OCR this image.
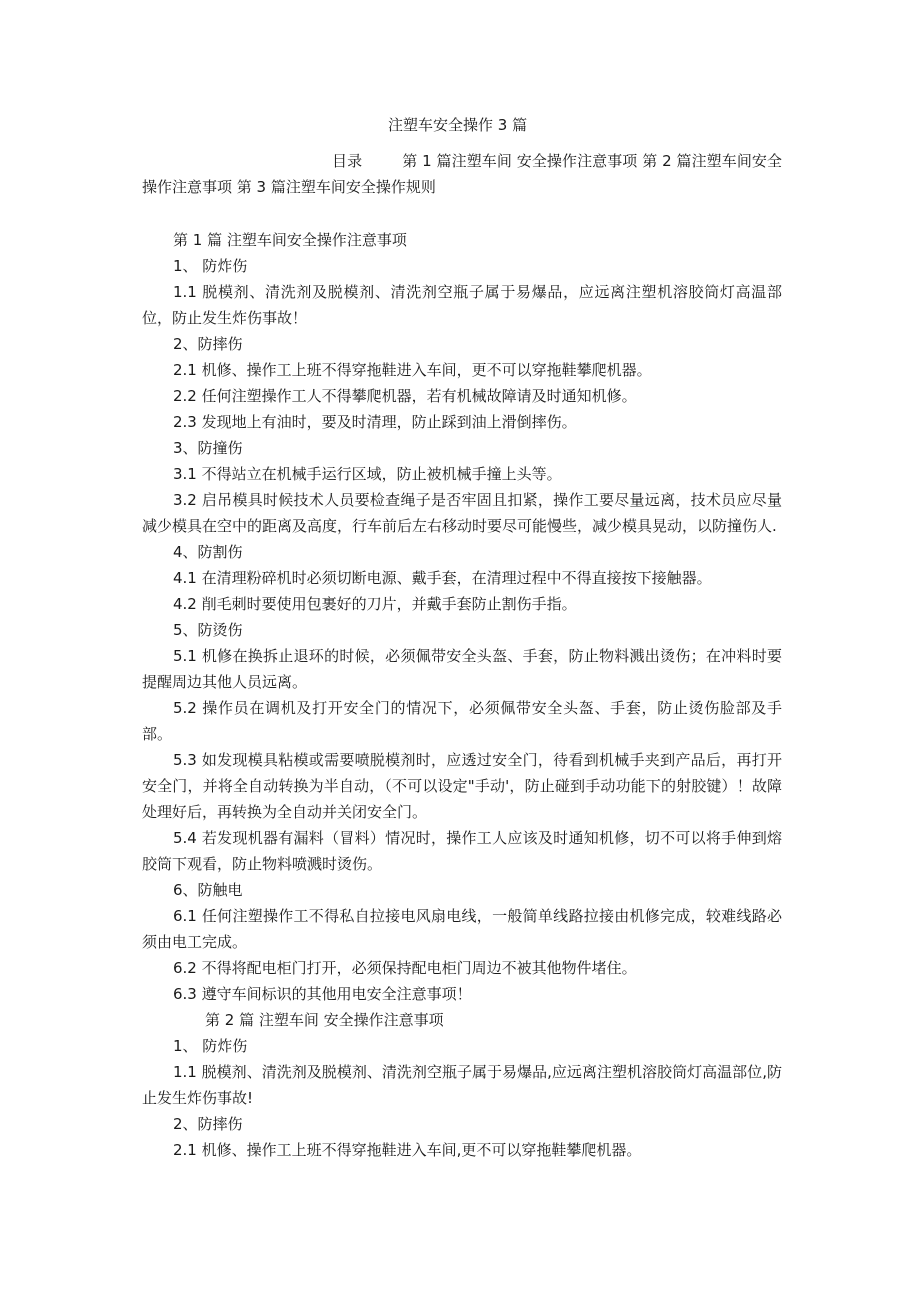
注塑车安全操作 3 篇

目录	第 1 篇注塑车间 安全操作注意事项 第 2 篇注塑车间安全操作注意事项 第 3 篇注塑车间安全操作规则

第 1 篇 注塑车间安全操作注意事项

1、 防炸伤

1.1 脱模剂、清洗剂及脱模剂、清洗剂空瓶子属于易爆品，应远离注塑机溶胶筒灯高温部位，防止发生炸伤事故！

2、防摔伤

2.1 机修、操作工上班不得穿拖鞋进入车间，更不可以穿拖鞋攀爬机器。

2.2 任何注塑操作工人不得攀爬机器，若有机械故障请及时通知机修。

2.3 发现地上有油时，要及时清理，防止踩到油上滑倒摔伤。

3、防撞伤

3.1 不得站立在机械手运行区域，防止被机械手撞上头等。

3.2 启吊模具时候技术人员要检查绳子是否牢固且扣紧，操作工要尽量远离，技术员应尽量减少模具在空中的距离及高度，行车前后左右移动时要尽可能慢些，减少模具晃动，以防撞伤人.

4、防割伤

4.1 在清理粉碎机时必须切断电源、戴手套，在清理过程中不得直接按下接触器。

4.2 削毛刺时要使用包裹好的刀片，并戴手套防止割伤手指。

5、防烫伤

5.1 机修在换拆止退环的时候，必须佩带安全头盔、手套，防止物料溅出烫伤；在冲料时要提醒周边其他人员远离。

5.2 操作员在调机及打开安全门的情况下，必须佩带安全头盔、手套，防止烫伤脸部及手部。

5.3 如发现模具粘模或需要喷脱模剂时，应透过安全门，待看到机械手夹到产品后，再打开安全门，并将全自动转换为半自动，（不可以设定"手动'，防止碰到手动功能下的射胶键）！故障处理好后，再转换为全自动并关闭安全门。

5.4 若发现机器有漏料（冒料）情况时，操作工人应该及时通知机修，切不可以将手伸到熔胶筒下观看，防止物料喷溅时烫伤。

6、防触电

6.1 任何注塑操作工不得私自拉接电风扇电线，一般简单线路拉接由机修完成，较难线路必须由电工完成。

6.2 不得将配电柜门打开，必须保持配电柜门周边不被其他物件堵住。

6.3 遵守车间标识的其他用电安全注意事项！

第 2 篇 注塑车间 安全操作注意事项

1、 防炸伤

1.1 脱模剂、清洗剂及脱模剂、清洗剂空瓶子属于易爆品,应远离注塑机溶胶筒灯高温部位,防止发生炸伤事故!

2、防摔伤

2.1 机修、操作工上班不得穿拖鞋进入车间,更不可以穿拖鞋攀爬机器。
